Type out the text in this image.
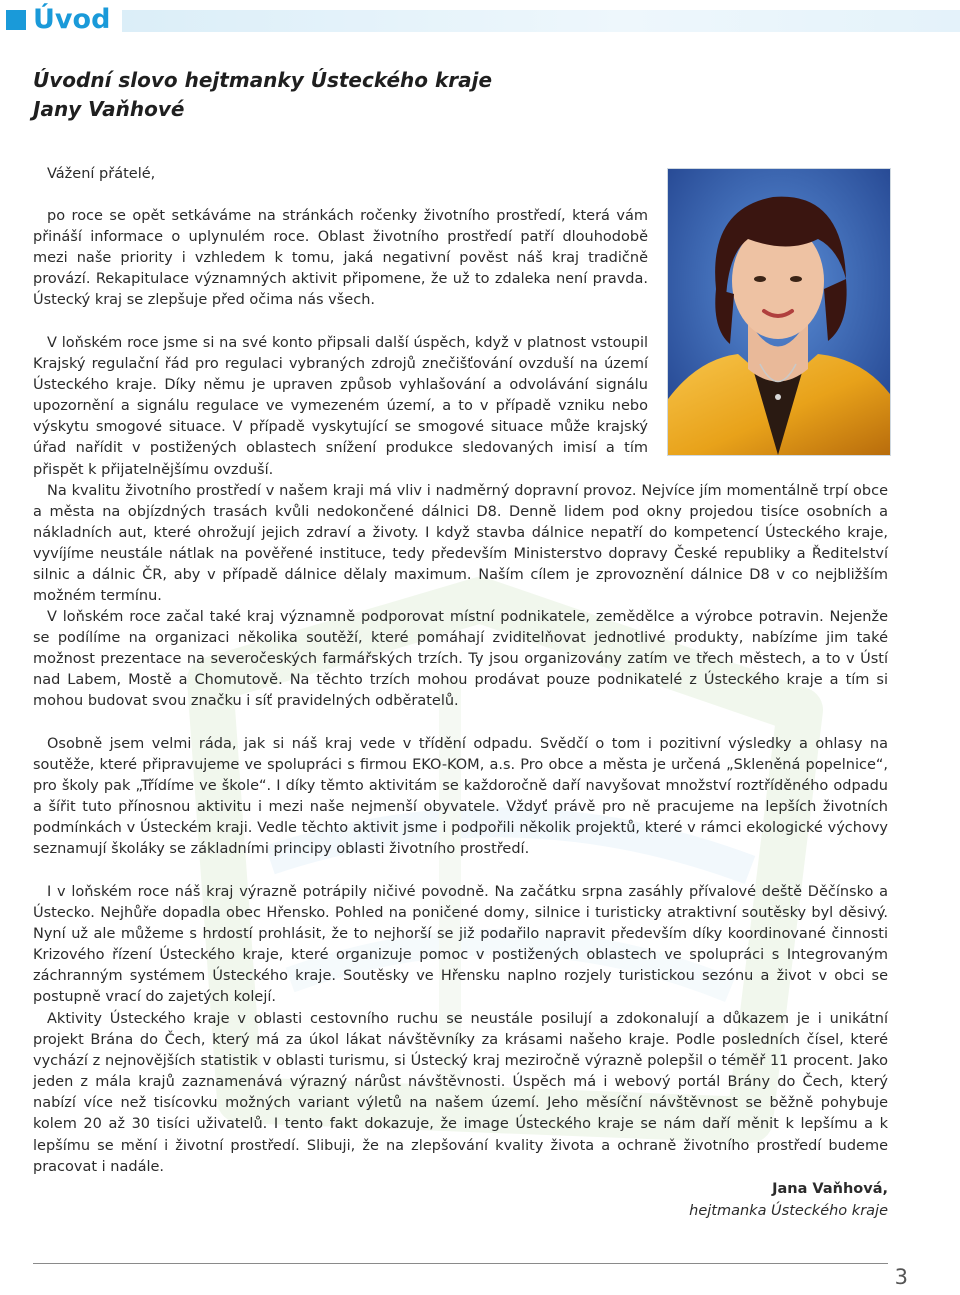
Úvod
Úvodní slovo hejtmanky Ústeckého kraje
Jany Vaňhové
Vážení přátelé,

po roce se opět setkáváme na stránkách ročenky životního prostředí, která vám přináší informace o uplynulém roce. Oblast životního prostředí patří dlouhodobě mezi naše priority i vzhledem k tomu, jaká negativní pověst náš kraj tradičně provází. Rekapitulace významných aktivit připomene, že už to zdaleka není pravda. Ústecký kraj se zlepšuje před očima nás všech.

V loňském roce jsme si na své konto připsali další úspěch, když v platnost vstoupil Krajský regulační řád pro regulaci vybraných zdrojů znečišťování ovzduší na území Ústeckého kraje. Díky němu je upraven způsob vyhlašování a odvolávání signálu upozornění a signálu regulace ve vymezeném území, a to v případě vzniku nebo výskytu smogové situace. V případě vyskytující se smogové situace může krajský úřad nařídit v postižených oblastech snížení produkce sledovaných imisí a tím přispět k přijatelnějšímu ovzduší.

Na kvalitu životního prostředí v našem kraji má vliv i nadměrný dopravní provoz. Nejvíce jím momentálně trpí obce a města na objízdných trasách kvůli nedokončené dálnici D8. Denně lidem pod okny projedou tisíce osobních a nákladních aut, které ohrožují jejich zdraví a životy. I když stavba dálnice nepatří do kompetencí Ústeckého kraje, vyvíjíme neustále nátlak na pověřené instituce, tedy především Ministerstvo dopravy České republiky a Ředitelství silnic a dálnic ČR, aby v případě dálnice dělaly maximum. Naším cílem je zprovoznění dálnice D8 v co nejbližším možném termínu.

V loňském roce začal také kraj významně podporovat místní podnikatele, zemědělce a výrobce potravin. Nejenže se podílíme na organizaci několika soutěží, které pomáhají zviditelňovat jednotlivé produkty, nabízíme jim také možnost prezentace na severočeských farmářských trzích. Ty jsou organizovány zatím ve třech městech, a to v Ústí nad Labem, Mostě a Chomutově. Na těchto trzích mohou prodávat pouze podnikatelé z Ústeckého kraje a tím si mohou budovat svou značku i síť pravidelných odběratelů.

Osobně jsem velmi ráda, jak si náš kraj vede v třídění odpadu. Svědčí o tom i pozitivní výsledky a ohlasy na soutěže, které připravujeme ve spolupráci s firmou EKO-KOM, a.s. Pro obce a města je určená „Skleněná popelnice“, pro školy pak „Třídíme ve škole“. I díky těmto aktivitám se každoročně daří navyšovat množství roztříděného odpadu a šířit tuto přínosnou aktivitu i mezi naše nejmenší obyvatele. Vždyť právě pro ně pracujeme na lepších životních podmínkách v Ústeckém kraji. Vedle těchto aktivit jsme i podpořili několik projektů, které v rámci ekologické výchovy seznamují školáky se základními principy oblasti životního prostředí.

I v loňském roce náš kraj výrazně potrápily ničivé povodně. Na začátku srpna zasáhly přívalové deště Děčínsko a Ústecko. Nejhůře dopadla obec Hřensko. Pohled na poničené domy, silnice i turisticky atraktivní soutěsky byl děsivý. Nyní už ale můžeme s hrdostí prohlásit, že to nejhorší se již podařilo napravit především díky koordinované činnosti Krizového řízení Ústeckého kraje, které organizuje pomoc v postižených oblastech ve spolupráci s Integrovaným záchranným systémem Ústeckého kraje. Soutěsky ve Hřensku naplno rozjely turistickou sezónu a život v obci se postupně vrací do zajetých kolejí.

Aktivity Ústeckého kraje v oblasti cestovního ruchu se neustále posilují a zdokonalují a důkazem je i unikátní projekt Brána do Čech, který má za úkol lákat návštěvníky za krásami našeho kraje. Podle posledních čísel, které vychází z nejnovějších statistik v oblasti turismu, si Ústecký kraj meziročně výrazně polepšil o téměř 11 procent. Jako jeden z mála krajů zaznamenává výrazný nárůst návštěvnosti. Úspěch má i webový portál Brány do Čech, který nabízí více než tisícovku možných variant výletů na našem území. Jeho měsíční návštěvnost se běžně pohybuje kolem 20 až 30 tisíci uživatelů. I tento fakt dokazuje, že image Ústeckého kraje se nám daří měnit k lepšímu a k lepšímu se mění i životní prostředí. Slibuji, že na zlepšování kvality života a ochraně životního prostředí budeme pracovat i nadále.

Jana Vaňhová,
hejtmanka Ústeckého kraje
3
